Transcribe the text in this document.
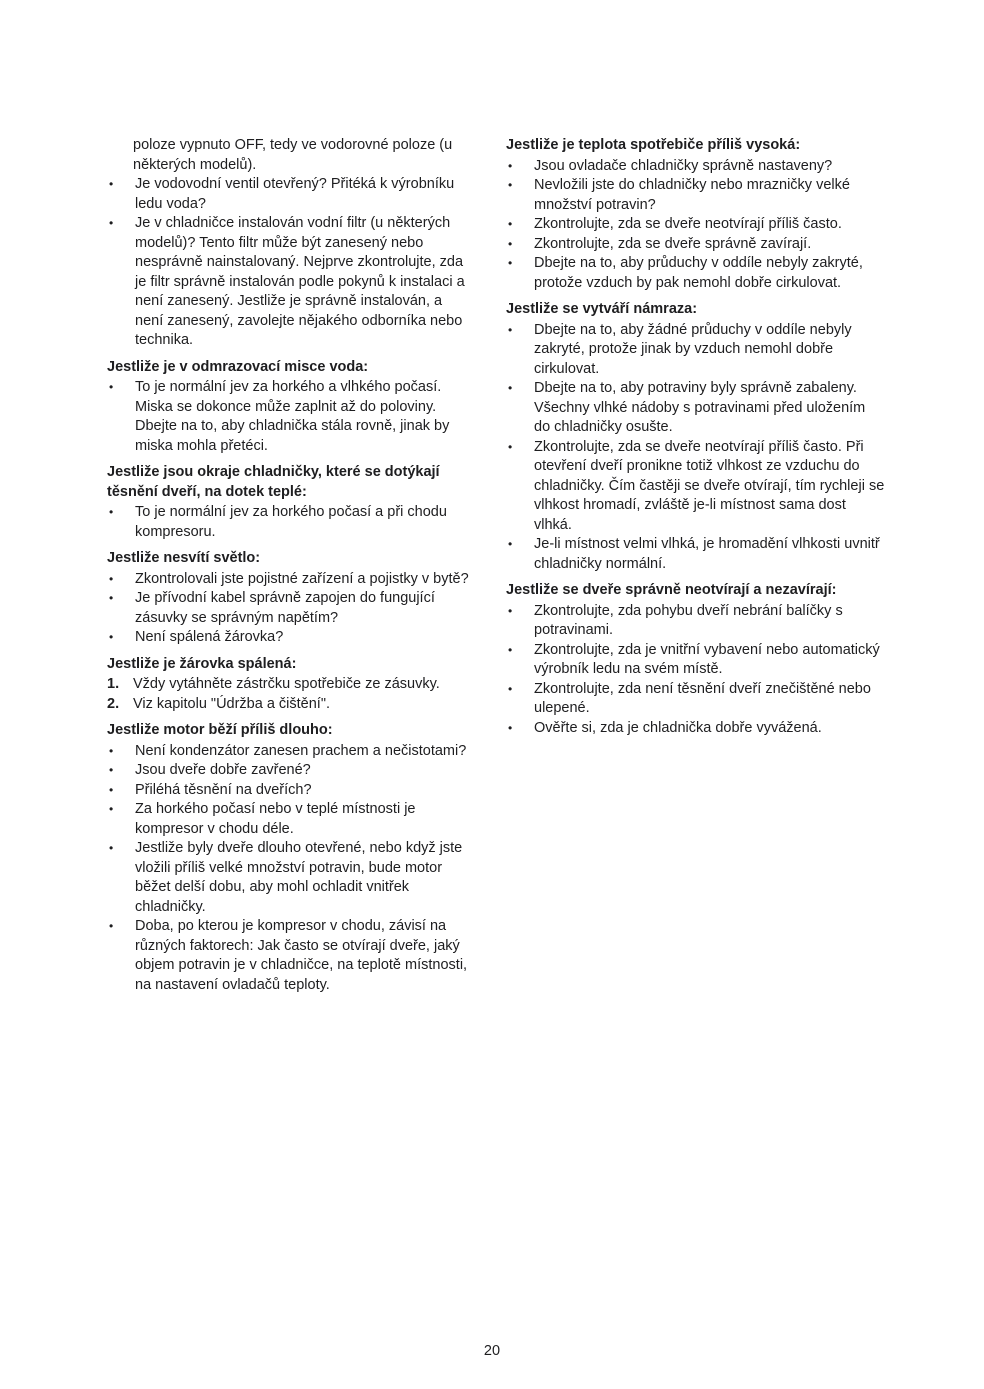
poloze vypnuto OFF, tedy ve vodorovné poloze (u některých modelů).
•	Je vodovodní ventil otevřený? Přitéká k výrobníku ledu voda?
•	Je v chladničce instalován vodní filtr (u některých modelů)? Tento filtr může být zanesený nebo nesprávně nainstalovaný. Nejprve zkontrolujte, zda je filtr správně instalován podle pokynů k instalaci a není zanesený. Jestliže je správně instalován, a není zanesený, zavolejte nějakého odborníka nebo technika.
Jestliže je v odmrazovací misce voda:
•	To je normální jev za horkého a vlhkého počasí. Miska se dokonce může zaplnit až do poloviny. Dbejte na to, aby chladnička stála rovně, jinak by miska mohla přetéci.
Jestliže jsou okraje chladničky, které se dotýkají těsnění dveří, na dotek teplé:
•	To je normální jev za horkého počasí a při chodu kompresoru.
Jestliže nesvítí světlo:
•	Zkontrolovali jste pojistné zařízení a pojistky v bytě?
•	Je přívodní kabel správně zapojen do fungující zásuvky se správným napětím?
•	Není spálená žárovka?
Jestliže je žárovka spálená:
1. Vždy vytáhněte zástrčku spotřebiče ze zásuvky.
2. Viz kapitolu "Údržba a čištění".
Jestliže motor běží příliš dlouho:
•	Není kondenzátor zanesen prachem a nečistotami?
•	Jsou dveře dobře zavřené?
•	Přiléhá těsnění na dveřích?
•	Za horkého počasí nebo v teplé místnosti je kompresor v chodu déle.
•	Jestliže byly dveře dlouho otevřené, nebo když jste vložili příliš velké množství potravin, bude motor běžet delší dobu, aby mohl ochladit vnitřek chladničky.
•	Doba, po kterou je kompresor v chodu, závisí na různých faktorech: Jak často se otvírají dveře, jaký objem potravin je v chladničce, na teplotě místnosti, na nastavení ovladačů teploty.
Jestliže je teplota spotřebiče příliš vysoká:
•	Jsou ovladače chladničky správně nastaveny?
•	Nevložili jste do chladničky nebo mrazničky velké množství potravin?
•	Zkontrolujte, zda se dveře neotvírají příliš často.
•	Zkontrolujte, zda se dveře správně zavírají.
•	Dbejte na to, aby průduchy v oddíle nebyly zakryté, protože vzduch by pak nemohl dobře cirkulovat.
Jestliže se vytváří námraza:
•	Dbejte na to, aby žádné průduchy v oddíle nebyly zakryté, protože jinak by vzduch nemohl dobře cirkulovat.
•	Dbejte na to, aby potraviny byly správně zabaleny. Všechny vlhké nádoby s potravinami před uložením do chladničky osušte.
•	Zkontrolujte, zda se dveře neotvírají příliš často. Při otevření dveří pronikne totiž vlhkost ze vzduchu do chladničky. Čím častěji se dveře otvírají, tím rychleji se vlhkost hromadí, zvláště je-li místnost sama dost vlhká.
•	Je-li místnost velmi vlhká, je hromadění vlhkosti uvnitř chladničky normální.
Jestliže se dveře správně neotvírají a nezavírají:
•	Zkontrolujte, zda pohybu dveří nebrání balíčky s potravinami.
•	Zkontrolujte, zda je vnitřní vybavení nebo automatický výrobník ledu na svém místě.
•	Zkontrolujte, zda není těsnění dveří znečištěné nebo ulepené.
•	Ověřte si, zda je chladnička dobře vyvážená.
20
